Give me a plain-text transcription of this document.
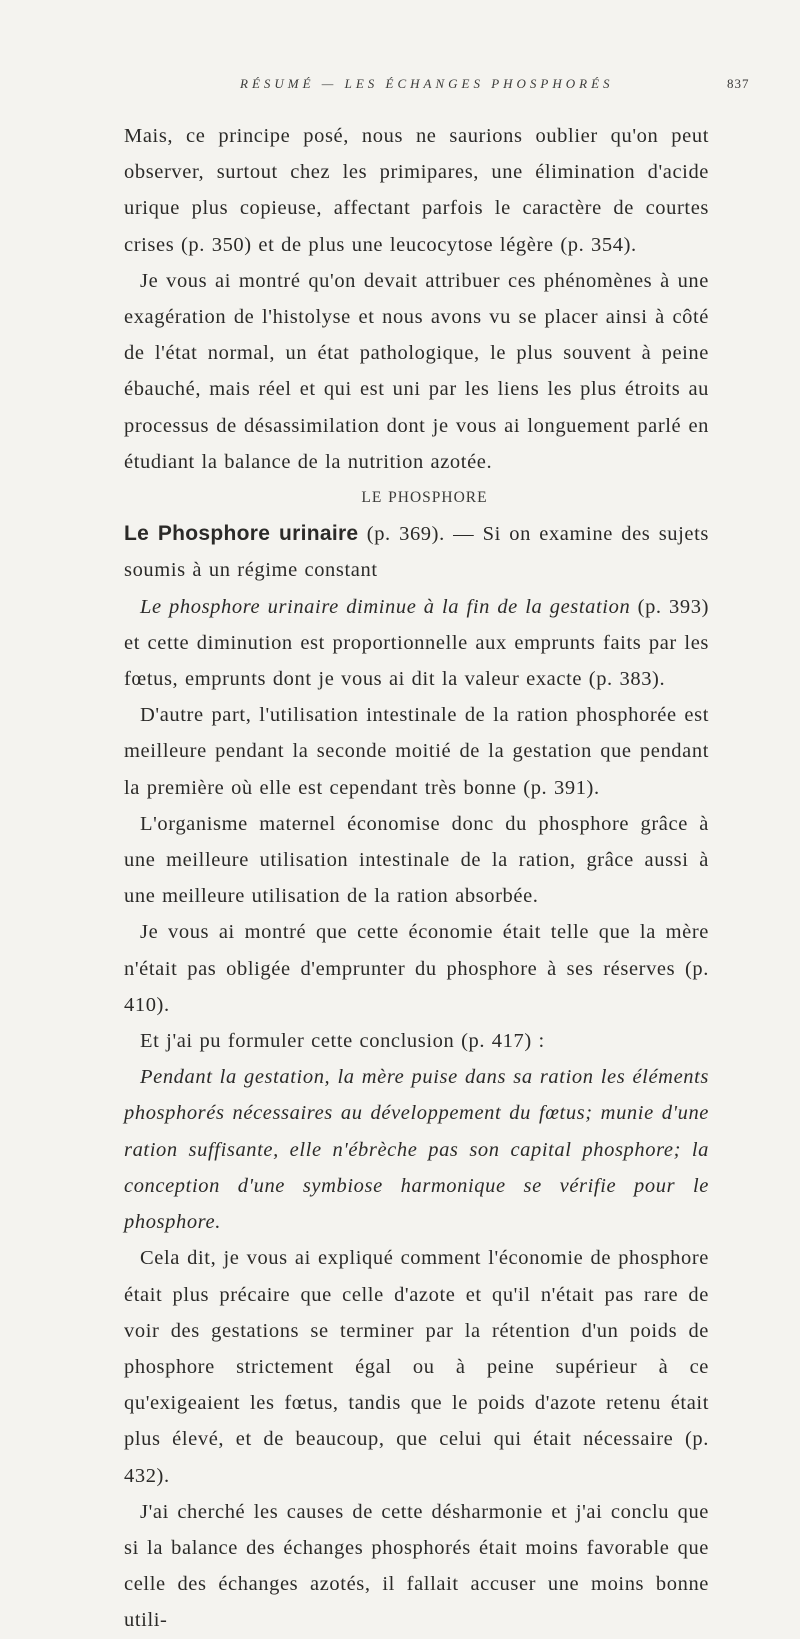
RÉSUMÉ — LES ÉCHANGES PHOSPHORÉS	837

Mais, ce principe posé, nous ne saurions oublier qu'on peut observer, surtout chez les primipares, une élimination d'acide urique plus copieuse, affectant parfois le caractère de courtes crises (p. 350) et de plus une leucocytose légère (p. 354).

Je vous ai montré qu'on devait attribuer ces phénomènes à une exagération de l'histolyse et nous avons vu se placer ainsi à côté de l'état normal, un état pathologique, le plus souvent à peine ébauché, mais réel et qui est uni par les liens les plus étroits au processus de désassimilation dont je vous ai longuement parlé en étudiant la balance de la nutrition azotée.

LE PHOSPHORE

Le Phosphore urinaire (p. 369). — Si on examine des sujets soumis à un régime constant

Le phosphore urinaire diminue à la fin de la gestation (p. 393) et cette diminution est proportionnelle aux emprunts faits par les fœtus, emprunts dont je vous ai dit la valeur exacte (p. 383).

D'autre part, l'utilisation intestinale de la ration phosphorée est meilleure pendant la seconde moitié de la gestation que pendant la première où elle est cependant très bonne (p. 391).

L'organisme maternel économise donc du phosphore grâce à une meilleure utilisation intestinale de la ration, grâce aussi à une meilleure utilisation de la ration absorbée.

Je vous ai montré que cette économie était telle que la mère n'était pas obligée d'emprunter du phosphore à ses réserves (p. 410).

Et j'ai pu formuler cette conclusion (p. 417) :

Pendant la gestation, la mère puise dans sa ration les éléments phosphorés nécessaires au développement du fœtus; munie d'une ration suffisante, elle n'ébrèche pas son capital phosphore; la conception d'une symbiose harmonique se vérifie pour le phosphore.

Cela dit, je vous ai expliqué comment l'économie de phosphore était plus précaire que celle d'azote et qu'il n'était pas rare de voir des gestations se terminer par la rétention d'un poids de phosphore strictement égal ou à peine supérieur à ce qu'exigeaient les fœtus, tandis que le poids d'azote retenu était plus élevé, et de beaucoup, que celui qui était nécessaire (p. 432).

J'ai cherché les causes de cette désharmonie et j'ai conclu que si la balance des échanges phosphorés était moins favorable que celle des échanges azotés, il fallait accuser une moins bonne utili-
